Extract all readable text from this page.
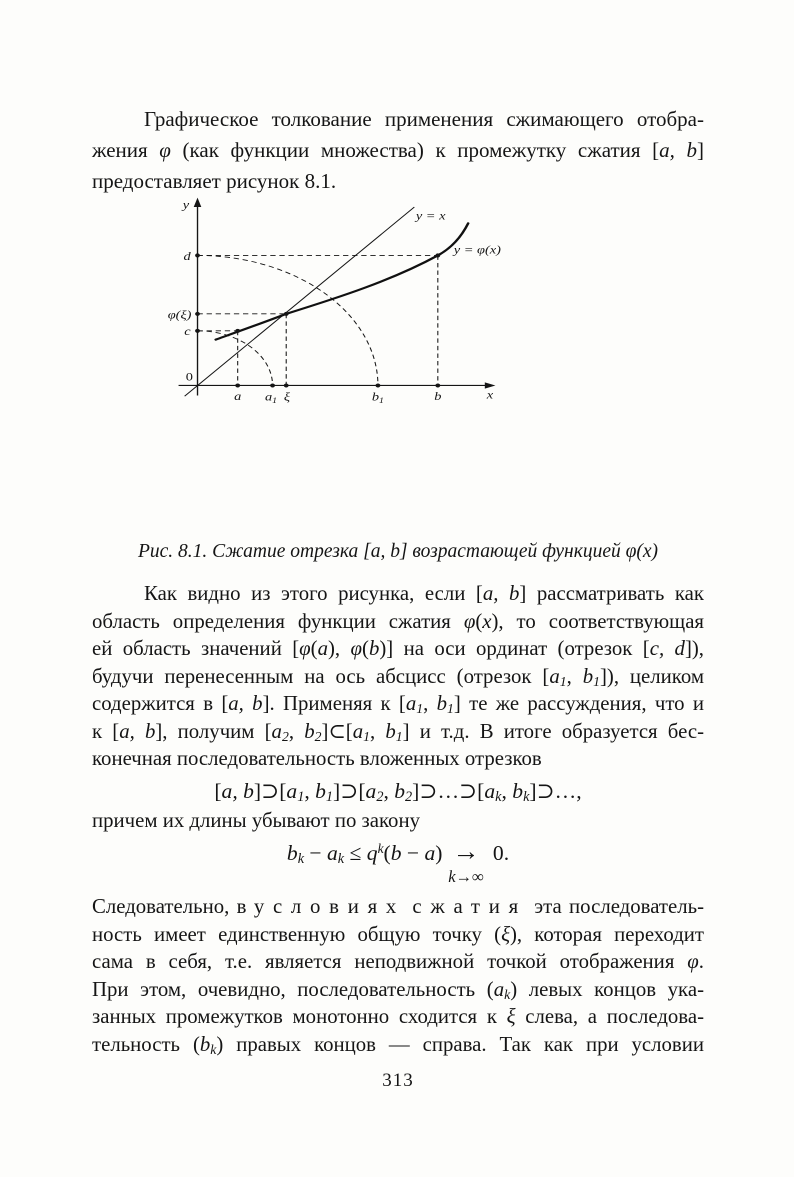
Графическое толкование применения сжимающего отобра-
жения φ (как функции множества) к промежутку сжатия [a, b]
предоставляет рисунок 8.1.
y
x
0
d
φ(ξ)
c
a $a_1$ ξ	$b_1$	b
y = x
y = φ(x)
Рис. 8.1. Сжатие отрезка [a, b] возрастающей функцией φ(x)
Как видно из этого рисунка, если [a, b] рассматривать как
область определения функции сжатия φ(x), то соответствующая
ей область значений [φ(a), φ(b)] на оси ординат (отрезок [c, d]),
будучи перенесенным на ось абсцисс (отрезок [a1, b1]), целиком
содержится в [a, b]. Применяя к [a1, b1] те же рассуждения, что и
к [a, b], получим [a2, b2]⊂[a1, b1] и т.д. В итоге образуется бес-
конечная последовательность вложенных отрезков
[a, b]⊃[a1, b1]⊃[a2, b2]⊃…⊃[ak, bk]⊃…,
причем их длины убывают по закону
bk − ak ≤ $q^k(b - a)$ →
k→∞
0.
Следовательно, в условиях сжатия эта последователь-
ность имеет единственную общую точку (ξ), которая переходит
сама в себя, т.е. является неподвижной точкой отображения φ.
При этом, очевидно, последовательность (ak) левых концов ука-
занных промежутков монотонно сходится к ξ слева, а последова-
тельность (bk) правых концов — справа. Так как при условии
313
